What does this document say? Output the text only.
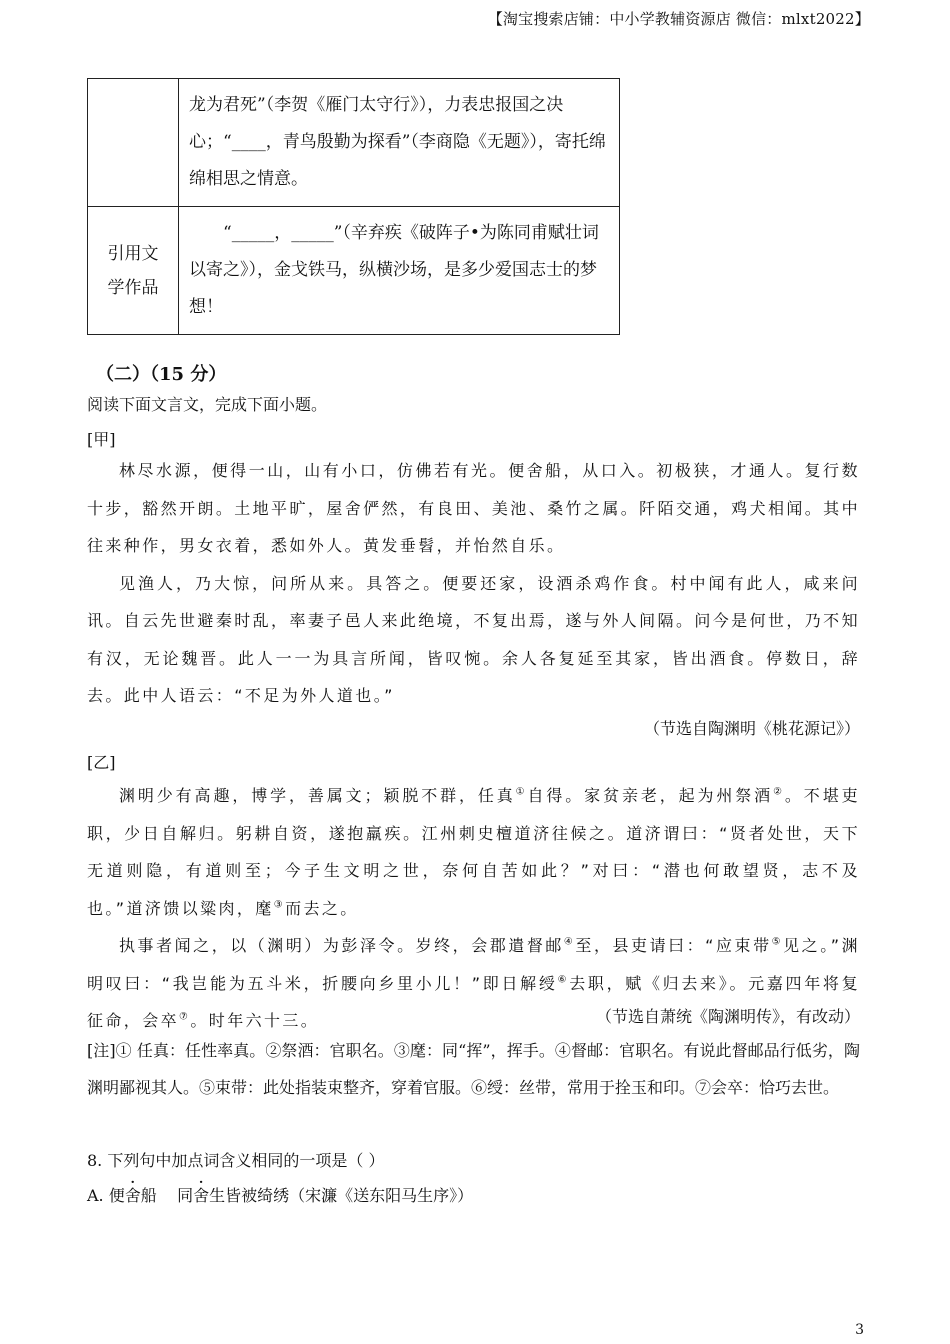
【淘宝搜索店铺：中小学教辅资源店 微信：mlxt2022】
	龙为君死”（李贺《雁门太守行》），力表忠报国之决心；“____，青鸟殷勤为探看”（李商隐《无题》），寄托绵绵相思之情意。
引用文
学作品	“_____，_____”（辛弃疾《破阵子•为陈同甫赋壮词以寄之》），金戈铁马，纵横沙场，是多少爱国志士的梦想！
（二）（15 分）
阅读下面文言文，完成下面小题。
[甲]

林尽水源，便得一山，山有小口，仿佛若有光。便舍船，从口入。初极狭，才通人。复行数十步，豁然开朗。土地平旷，屋舍俨然，有良田、美池、桑竹之属。阡陌交通，鸡犬相闻。其中往来种作，男女衣着，悉如外人。黄发垂髫，并怡然自乐。

见渔人，乃大惊，问所从来。具答之。便要还家，设酒杀鸡作食。村中闻有此人，咸来问讯。自云先世避秦时乱，率妻子邑人来此绝境，不复出焉，遂与外人间隔。问今是何世，乃不知有汉，无论魏晋。此人一一为具言所闻，皆叹惋。余人各复延至其家，皆出酒食。停数日，辞去。此中人语云：“不足为外人道也。”

（节选自陶渊明《桃花源记》）
[乙]

渊明少有高趣，博学，善属文；颖脱不群，任真①自得。家贫亲老，起为州祭酒②。不堪吏职，少日自解归。躬耕自资，遂抱羸疾。江州刺史檀道济往候之。道济谓曰：“贤者处世，天下无道则隐，有道则至；今子生文明之世，奈何自苦如此？”对曰：“潜也何敢望贤，志不及也。”道济馈以粱肉，麾③而去之。

执事者闻之，以（渊明）为彭泽令。岁终，会郡遣督邮④至，县吏请曰：“应束带⑤见之。”渊明叹曰：“我岂能为五斗米，折腰向乡里小儿！”即日解绶⑥去职，赋《归去来》。元嘉四年将复征命，会卒⑦。时年六十三。	（节选自萧统《陶渊明传》，有改动）
[注]① 任真：任性率真。②祭酒：官职名。③麾：同“挥”，挥手。④督邮：官职名。有说此督邮品行低劣，陶渊明鄙视其人。⑤束带：此处指装束整齐，穿着官服。⑥绶：丝带，常用于拴玉和印。⑦会卒：恰巧去世。
8. 下列句中加点词含义相同的一项是（ ）
A. 便舍船    同舍生皆被绮绣（宋濂《送东阳马生序》）
3
